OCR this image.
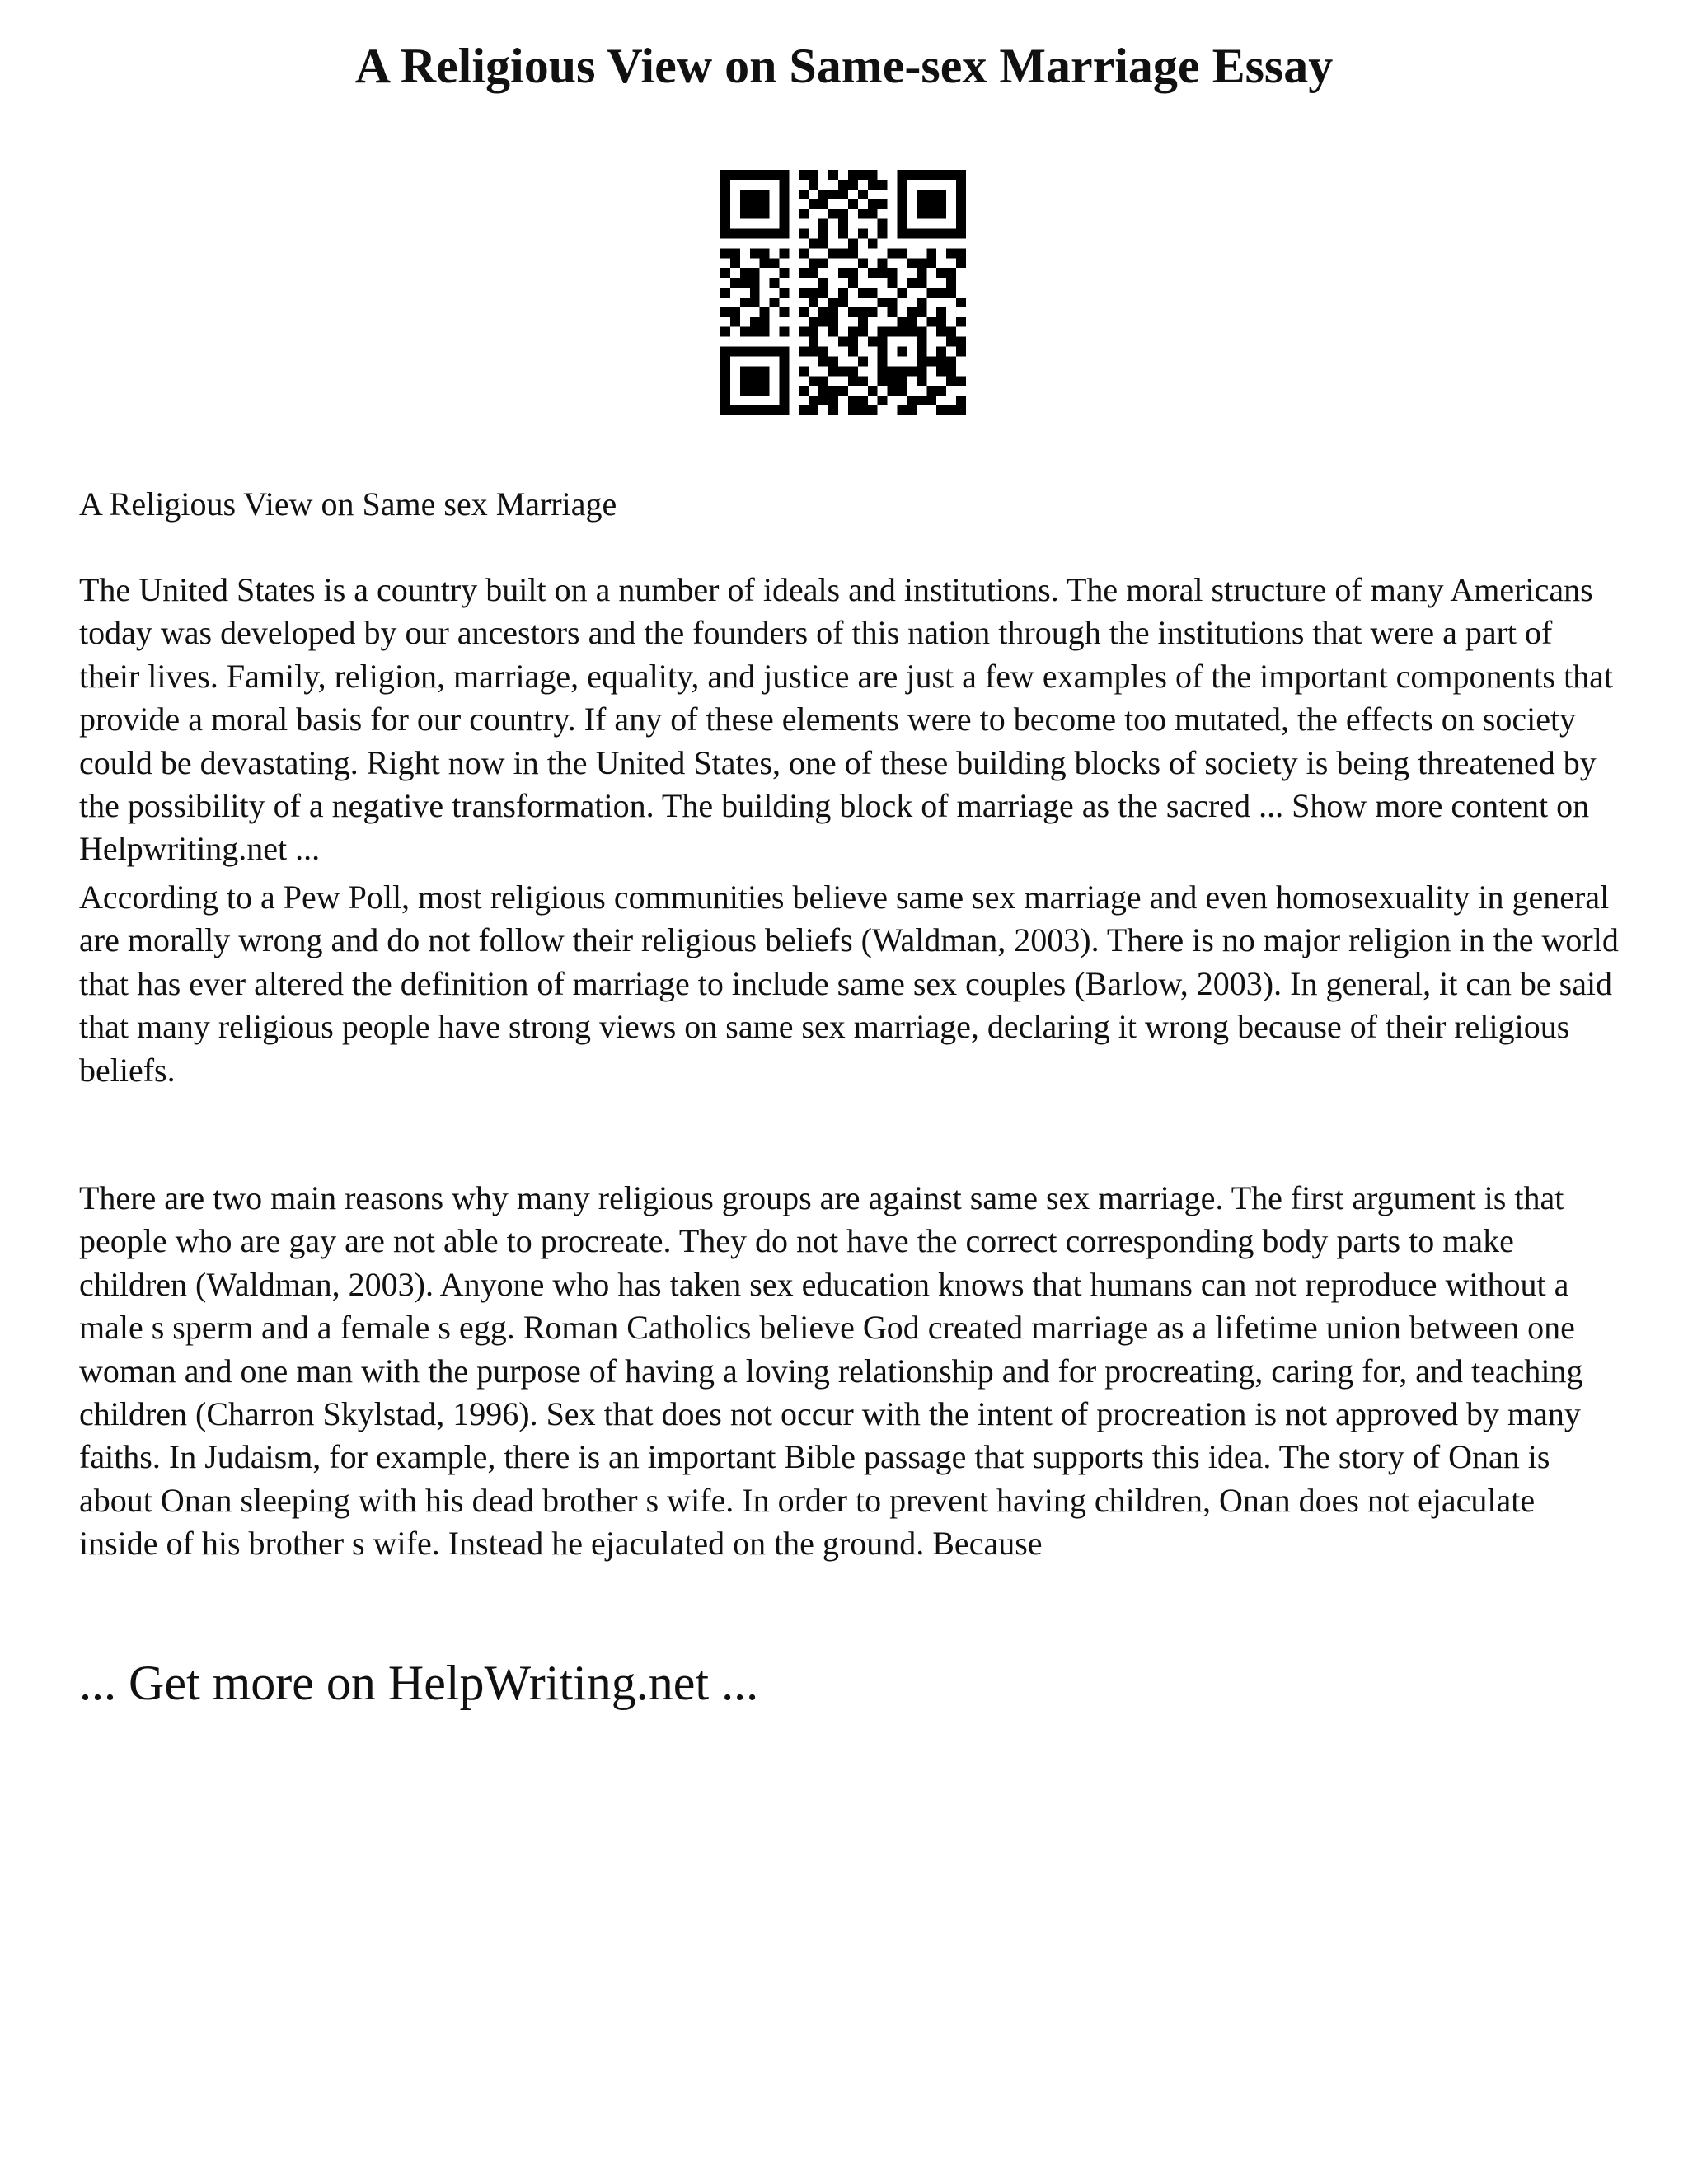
A Religious View on Same-sex Marriage Essay

A Religious View on Same sex Marriage

The United States is a country built on a number of ideals and institutions. The moral structure of many Americans today was developed by our ancestors and the founders of this nation through the institutions that were a part of their lives. Family, religion, marriage, equality, and justice are just a few examples of the important components that provide a moral basis for our country. If any of these elements were to become too mutated, the effects on society could be devastating. Right now in the United States, one of these building blocks of society is being threatened by the possibility of a negative transformation. The building block of marriage as the sacred ... Show more content on Helpwriting.net ...

According to a Pew Poll, most religious communities believe same sex marriage and even homosexuality in general are morally wrong and do not follow their religious beliefs (Waldman, 2003). There is no major religion in the world that has ever altered the definition of marriage to include same sex couples (Barlow, 2003). In general, it can be said that many religious people have strong views on same sex marriage, declaring it wrong because of their religious beliefs.

There are two main reasons why many religious groups are against same sex marriage. The first argument is that people who are gay are not able to procreate. They do not have the correct corresponding body parts to make children (Waldman, 2003). Anyone who has taken sex education knows that humans can not reproduce without a male s sperm and a female s egg. Roman Catholics believe God created marriage as a lifetime union between one woman and one man with the purpose of having a loving relationship and for procreating, caring for, and teaching children (Charron Skylstad, 1996). Sex that does not occur with the intent of procreation is not approved by many faiths. In Judaism, for example, there is an important Bible passage that supports this idea. The story of Onan is about Onan sleeping with his dead brother s wife. In order to prevent having children, Onan does not ejaculate inside of his brother s wife. Instead he ejaculated on the ground. Because

... Get more on HelpWriting.net ...
